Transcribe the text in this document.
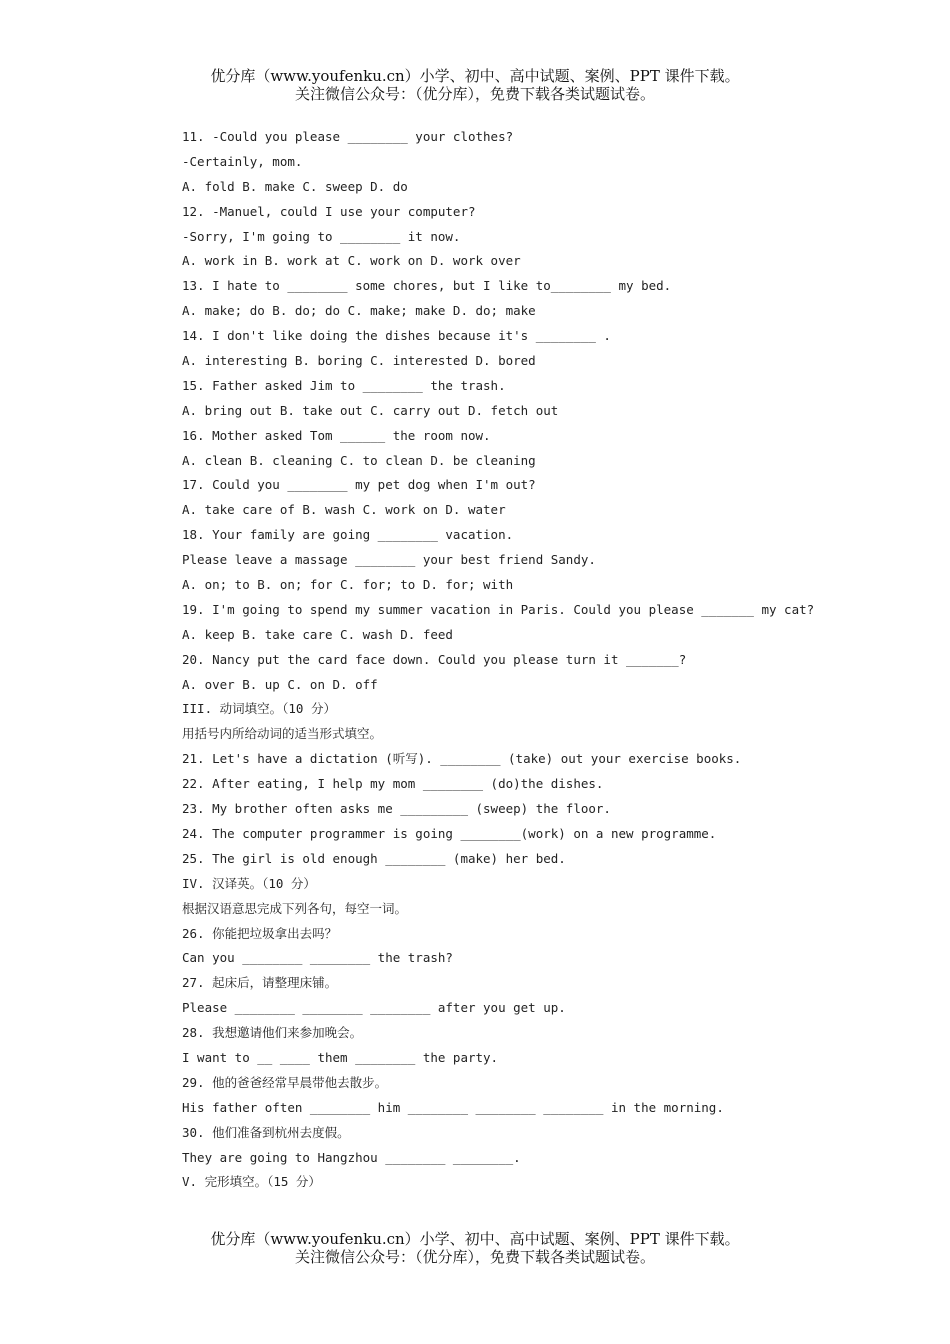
优分库（www.youfenku.cn）小学、初中、高中试题、案例、PPT 课件下载。
关注微信公众号：（优分库），免费下载各类试题试卷。
11. -Could you please ________ your clothes?
-Certainly, mom.
A. fold B. make C. sweep D. do
12. -Manuel, could I use your computer?
-Sorry, I'm going to ________ it now.
A. work in B. work at C. work on D. work over
13. I hate to ________ some chores, but I like to________ my bed.
A. make; do B. do; do C. make; make D. do; make
14. I don't like doing the dishes because it's ________ .
A. interesting B. boring C. interested D. bored
15. Father asked Jim to ________ the trash.
A. bring out B. take out C. carry out D. fetch out
16. Mother asked Tom ______ the room now.
A. clean B. cleaning C. to clean D. be cleaning
17. Could you ________ my pet dog when I'm out?
A. take care of B. wash C. work on D. water
18. Your family are going ________ vacation.
Please leave a massage ________ your best friend Sandy.
A. on; to B. on; for C. for; to D. for; with
19. I'm going to spend my summer vacation in Paris. Could you please _______ my cat?
A. keep B. take care C. wash D. feed
20. Nancy put the card face down. Could you please turn it _______?
A. over B. up C. on D. off
III. 动词填空。（10 分）
用括号内所给动词的适当形式填空。
21. Let's have a dictation (听写). ________ (take) out your exercise books.
22. After eating, I help my mom ________ (do)the dishes.
23. My brother often asks me _________ (sweep) the floor.
24. The computer programmer is going ________(work) on a new programme.
25. The girl is old enough ________ (make) her bed.
IV. 汉译英。（10 分）
根据汉语意思完成下列各句，每空一词。
26. 你能把垃圾拿出去吗？
Can you ________ ________ the trash?
27. 起床后，请整理床铺。
Please ________ ________ ________ after you get up.
28. 我想邀请他们来参加晚会。
I want to __ ____ them ________ the party.
29. 他的爸爸经常早晨带他去散步。
His father often ________ him ________ ________ ________ in the morning.
30. 他们准备到杭州去度假。
They are going to Hangzhou ________ ________.
V. 完形填空。（15 分）
优分库（www.youfenku.cn）小学、初中、高中试题、案例、PPT 课件下载。
关注微信公众号：（优分库），免费下载各类试题试卷。
